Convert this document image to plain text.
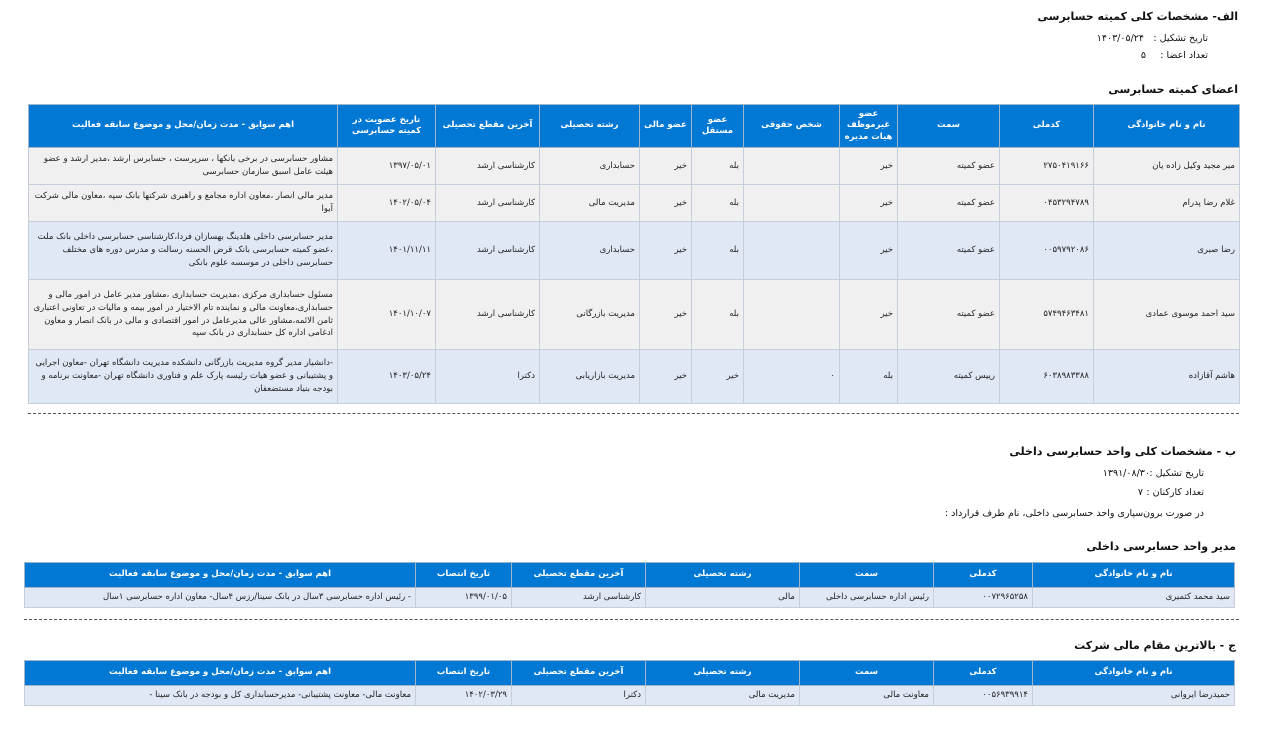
الف- مشخصات کلی کمیته حسابرسی
تاریخ تشکیل :
۱۴۰۳/۰۵/۲۴
تعداد اعضا :
۵
اعضای کمیته حسابرسی
نام و نام خانوادگی	کدملی	سمت	عضو غیرموظف هیات مدیره	شخص حقوقی	عضو مستقل	عضو مالی	رشته تحصیلی	آخرین مقطع تحصیلی	تاریخ عضویت در کمیته حسابرسی	اهم سوابق - مدت زمان/محل و موضوع سابقه فعالیت
میر مجید وکیل زاده یان	۲۷۵۰۴۱۹۱۶۶	عضو کمیته	خیر		بله	خیر	حسابداری	کارشناسی ارشد	۱۳۹۷/۰۵/۰۱	مشاور حسابرسی در برخی بانکها ، سرپرست ، حسابرس ارشد ،مدیر ارشد و عضو هیئت عامل اسبق سازمان حسابرسی
غلام رضا پدرام	۰۴۵۳۲۹۴۷۸۹	عضو کمیته	خیر		بله	خیر	مدیریت مالی	کارشناسی ارشد	۱۴۰۲/۰۵/۰۴	مدیر مالی انصار ،معاون اداره مجامع و راهبری شرکتها بانک سپه ،معاون مالی شرکت آیوا
رضا صبری	۰۰۵۹۷۹۲۰۸۶	عضو کمیته	خیر		بله	خیر	حسابداری	کارشناسی ارشد	۱۴۰۱/۱۱/۱۱	مدیر حسابرسی داخلی هلدینگ بهسازان فردا،کارشناسی حسابرسی داخلی بانک ملت ،عضو کمیته حسابرسی بانک قرض الحسنه رسالت و مدرس دوره های مختلف حسابرسی داخلی در موسسه علوم بانکی
سید احمد موسوی عمادی	۵۷۴۹۴۶۳۴۸۱	عضو کمیته	خیر		بله	خیر	مدیریت بازرگانی	کارشناسی ارشد	۱۴۰۱/۱۰/۰۷	مسئول حسابداری مرکزی ،مدیریت حسابداری ،مشاور مدیر عامل در امور مالی و حسابداری،معاونت مالی و نماینده تام الاختیار در امور بیمه و مالیات در تعاونی اعتباری ثامن الائمه،مشاور عالی مدیرعامل در امور اقتصادی و مالی در بانک انصار و معاون ادغامی اداره کل حسابداری در بانک سپه
هاشم آقازاده	۶۰۳۸۹۸۳۳۸۸	رییس کمیته	بله	۰	خیر	خیر	مدیریت بازاریابی	دکترا	۱۴۰۳/۰۵/۲۴	-دانشیار مدیر گروه مدیریت بازرگانی دانشکده مدیریت دانشگاه تهران -معاون اجرایی و پشتیبانی و عضو هیات رئیسه پارک علم و فناوری دانشگاه تهران -معاونت برنامه و بودجه بنیاد مستضعفان
ب - مشخصات کلی واحد حسابرسی داخلی
تاریخ تشکیل :
۱۳۹۱/۰۸/۳۰
تعداد کارکنان :
۷
در صورت برون‌سپاری واحد حسابرسی داخلی، نام طرف قرارداد :
مدیر واحد حسابرسی داخلی
نام و نام خانوادگی	کدملی	سمت	رشته تحصیلی	آخرین مقطع تحصیلی	تاریخ انتصاب	اهم سوابق - مدت زمان/محل و موضوع سابقه فعالیت
سید محمد کثمیری	۰۰۷۲۹۶۵۲۵۸	رئیس اداره حسابرسی داخلی	مالی	کارشناسی ارشد	۱۳۹۹/۰۱/۰۵	- رئیس اداره حسابرسی ۳سال در بانک سینا/رزس ۴سال- معاون اداره حسابرسی ۱سال
ج - بالاترین مقام مالی شرکت
نام و نام خانوادگی	کدملی	سمت	رشته تحصیلی	آخرین مقطع تحصیلی	تاریخ انتصاب	اهم سوابق - مدت زمان/محل و موضوع سابقه فعالیت
حمیدرضا ایروانی	۰۰۵۶۹۳۹۹۱۴	معاونت مالی	مدیریت مالی	دکترا	۱۴۰۲/۰۳/۲۹	معاونت مالی- معاونت پشتیبانی- مدیرحسابداری کل و بودجه در بانک سینا -
